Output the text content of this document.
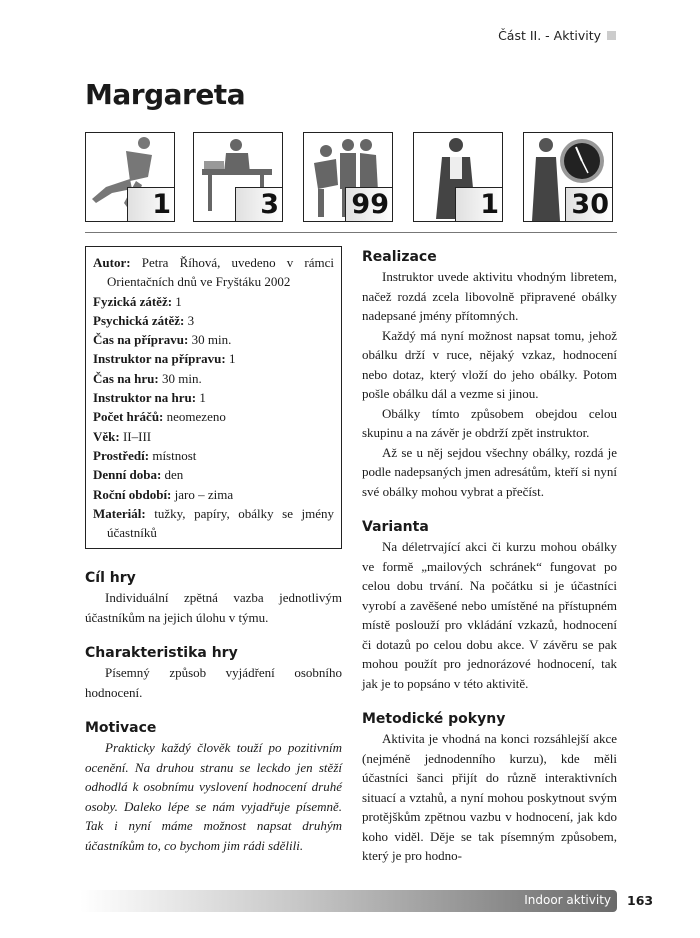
Část II. - Aktivity
Margareta
1	3	99	1	30

Autor: Petra Říhová, uvedeno v rámci Orientačních dnů ve Fryštáku 2002

Fyzická zátěž: 1

Psychická zátěž: 3

Čas na přípravu: 30 min.

Instruktor na přípravu: 1

Čas na hru: 30 min.

Instruktor na hru: 1

Počet hráčů: neomezeno

Věk: II–III

Prostředí: místnost

Denní doba: den

Roční období: jaro – zima

Materiál: tužky, papíry, obálky se jmény účastníků

Cíl hry

Individuální zpětná vazba jednotlivým účastníkům na jejich úlohu v týmu.

Charakteristika hry

Písemný způsob vyjádření osobního hodnocení.

Motivace

Prakticky každý člověk touží po pozitivním ocenění. Na druhou stranu se leckdo jen stěží odhodlá k osobnímu vyslovení hodnocení druhé osoby. Daleko lépe se nám vyjadřuje písemně. Tak i nyní máme možnost napsat druhým účastníkům to, co bychom jim rádi sdělili.

Realizace

Instruktor uvede aktivitu vhodným libretem, načež rozdá zcela libovolně připravené obálky nadepsané jmény přítomných.

Každý má nyní možnost napsat tomu, jehož obálku drží v ruce, nějaký vzkaz, hodnocení nebo dotaz, který vloží do jeho obálky. Potom pošle obálku dál a vezme si jinou.

Obálky tímto způsobem obejdou celou skupinu a na závěr je obdrží zpět instruktor.

Až se u něj sejdou všechny obálky, rozdá je podle nadepsaných jmen adresátům, kteří si nyní své obálky mohou vybrat a přečíst.

Varianta

Na déletrvající akci či kurzu mohou obálky ve formě „mailových schránek“ fungovat po celou dobu trvání. Na počátku si je účastníci vyrobí a zavěšené nebo umístěné na přístupném místě poslouží pro vkládání vzkazů, hodnocení či dotazů po celou dobu akce. V závěru se pak mohou použít pro jednorázové hodnocení, tak jak je to popsáno v této aktivitě.

Metodické pokyny

Aktivita je vhodná na konci rozsáhlejší akce (nejméně jednodenního kurzu), kde měli účastníci šanci přijít do různě interaktivních situací a vztahů, a nyní mohou poskytnout svým protějškům zpětnou vazbu v hodnocení, jak kdo koho viděl. Děje se tak písemným způsobem, který je pro hodno-

Indoor aktivity 163
